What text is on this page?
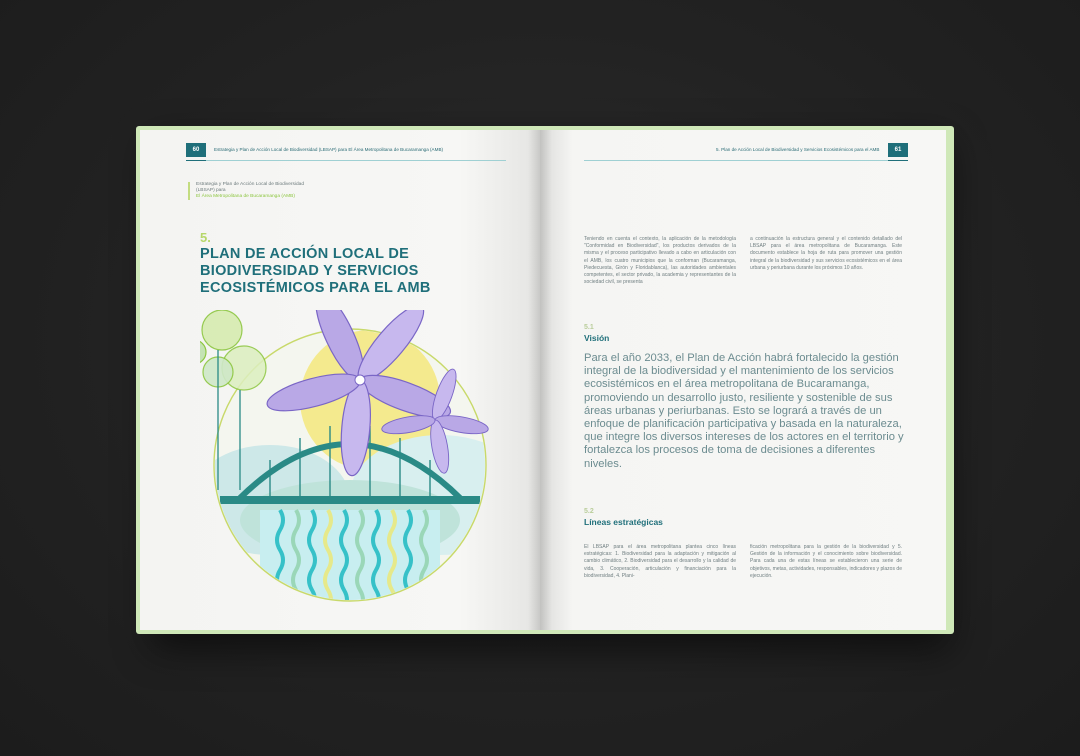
60	Estrategia y Plan de Acción Local de Biodiversidad (LBSAP) para El Área Metropolitana de Bucaramanga (AMB)
Estrategia y Plan de Acción Local de Biodiversidad (LBSAP) para
El Área Metropolitana de Bucaramanga (AMB)
5.
PLAN DE ACCIÓN LOCAL DE BIODIVERSIDAD Y SERVICIOS ECOSISTÉMICOS PARA EL AMB
5. Plan de Acción Local de Biodiversidad y Servicios Ecosistémicos para el AMB	61
Teniendo en cuenta el contexto, la aplicación de la metodología "Conformidad en Biodiversidad", los productos derivados de la misma y el proceso participativo llevado a cabo en articulación con el AMB, los cuatro municipios que la conforman (Bucaramanga, Piedecuesta, Girón y Floridablanca), las autoridades ambientales competentes, el sector privado, la academia y representantes de la sociedad civil, se presenta
a continuación la estructura general y el contenido detallado del LBSAP para el área metropolitana de Bucaramanga. Este documento establece la hoja de ruta para promover una gestión integral de la biodiversidad y sus servicios ecosistémicos en el área urbana y periurbana durante los próximos 10 años.
5.1
Visión
Para el año 2033, el Plan de Acción habrá fortalecido la gestión integral de la biodiversidad y el mantenimiento de los servicios ecosistémicos en el área metropolitana de Bucaramanga, promoviendo un desarrollo justo, resiliente y sostenible de sus áreas urbanas y periurbanas. Esto se logrará a través de un enfoque de planificación participativa y basada en la naturaleza, que integre los diversos intereses de los actores en el territorio y fortalezca los procesos de toma de decisiones a diferentes niveles.
5.2
Líneas estratégicas
El LBSAP para el área metropolitana plantea cinco líneas estratégicas: 1. Biodiversidad para la adaptación y mitigación al cambio climático, 2. Biodiversidad para el desarrollo y la calidad de vida, 3. Cooperación, articulación y financiación para la biodiversidad, 4. Plani-
ficación metropolitana para la gestión de la biodiversidad y 5. Gestión de la información y el conocimiento sobre biodiversidad. Para cada una de estas líneas se establecieron una serie de objetivos, metas, actividades, responsables, indicadores y plazos de ejecución.
